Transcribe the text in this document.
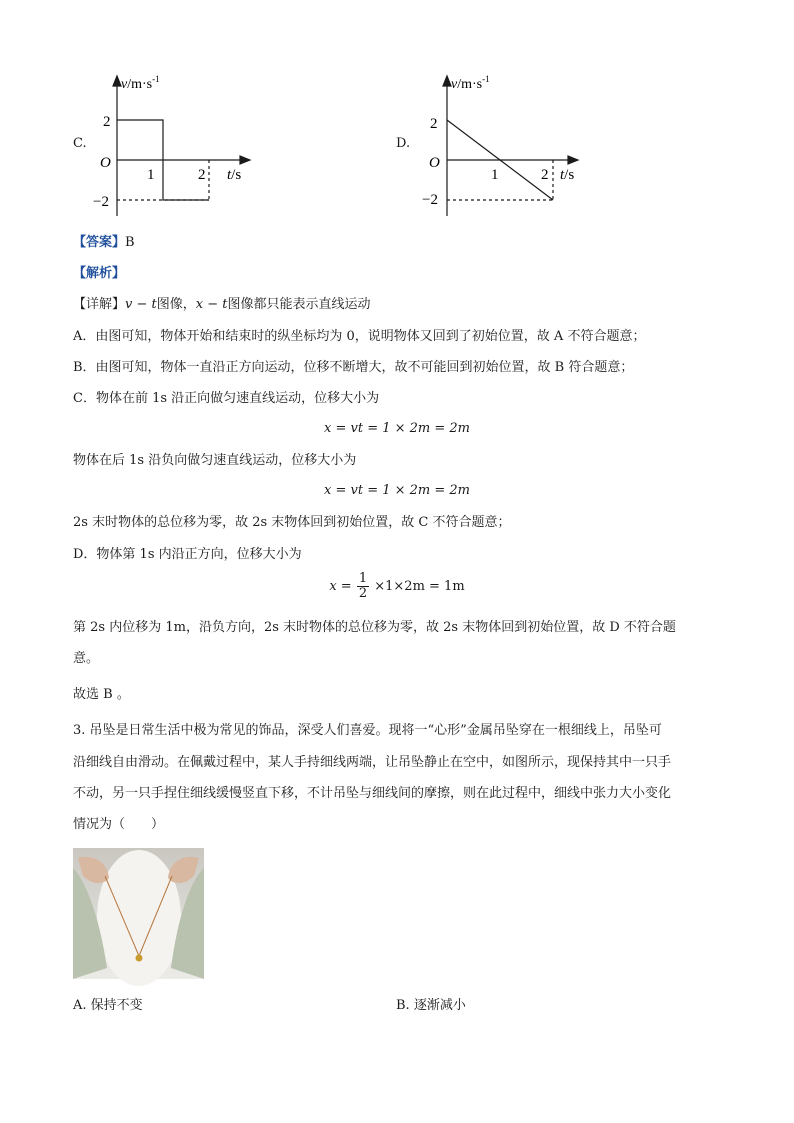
C.
$v/m\cdot s^{-1}$
O
2
−2
1	2 t/s
D.
$v/m\cdot s^{-1}$
O
2
−2
1	2 t/s
【答案】B
【解析】
【详解】v − t图像，x − t图像都只能表示直线运动
A．由图可知，物体开始和结束时的纵坐标均为 0，说明物体又回到了初始位置，故 A 不符合题意；
B．由图可知，物体一直沿正方向运动，位移不断增大，故不可能回到初始位置，故 B 符合题意；
C．物体在前 1s 沿正向做匀速直线运动，位移大小为
x = vt = 1 × 2m = 2m
物体在后 1s 沿负向做匀速直线运动，位移大小为
x = vt = 1 × 2m = 2m
2s 末时物体的总位移为零，故 2s 末物体回到初始位置，故 C 不符合题意；
D．物体第 1s 内沿正方向，位移大小为
$x = \frac{1}{2} \times 1\times 2m = 1m$
第 2s 内位移为 1m，沿负方向，2s 末时物体的总位移为零，故 2s 末物体回到初始位置，故 D 不符合题
意。
故选 B 。
3. 吊坠是日常生活中极为常见的饰品，深受人们喜爱。现将一“心形”金属吊坠穿在一根细线上，吊坠可
沿细线自由滑动。在佩戴过程中，某人手持细线两端，让吊坠静止在空中，如图所示，现保持其中一只手
不动，另一只手捏住细线缓慢竖直下移，不计吊坠与细线间的摩擦，则在此过程中，细线中张力大小变化
情况为（　　）
A. 保持不变	B. 逐渐减小
